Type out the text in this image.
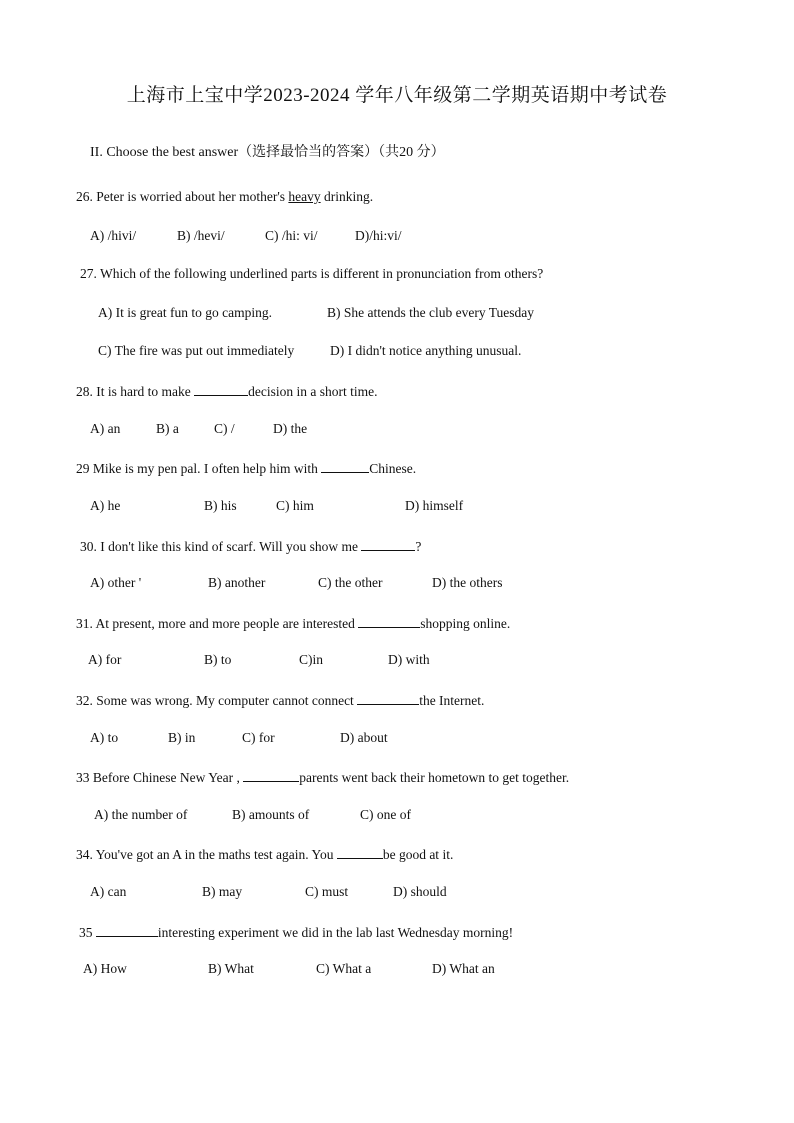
上海市上宝中学2023-2024 学年八年级第二学期英语期中考试卷
II. Choose the best answer（选择最恰当的答案）（共20 分）
26. Peter is worried about her mother's heavy drinking.
A) /hivi/	B) /hevi/	C) /hi: vi/	D)/hi:vi/
27. Which of the following underlined parts is different in pronunciation from others?
A) It is great fun to go camping.	B) She attends the club every Tuesday
C) The fire was put out immediately	D) I didn't notice anything unusual.
28. It is hard to make	decision in a short time.
A) an	B) a	C) /	D) the
29 Mike is my pen pal. I often help him with	Chinese.
A) he	B) his	C) him	D) himself
30. I don't like this kind of scarf. Will you show me	?
A) other '	B) another	C) the other	D) the others
31. At present, more and more people are interested	shopping online.
A) for	B) to	C)in	D) with
32. Some was wrong. My computer cannot connect	the Internet.
A) to	B) in	C) for	D) about
33 Before Chinese New Year ,	parents went back their hometown to get together.
A) the number of	B) amounts of	C) one of
34. You've got an A in the maths test again. You	be good at it.
A) can	B) may	C) must	D) should
35	interesting experiment we did in the lab last Wednesday morning!
A) How	B) What	C) What a	D) What an
